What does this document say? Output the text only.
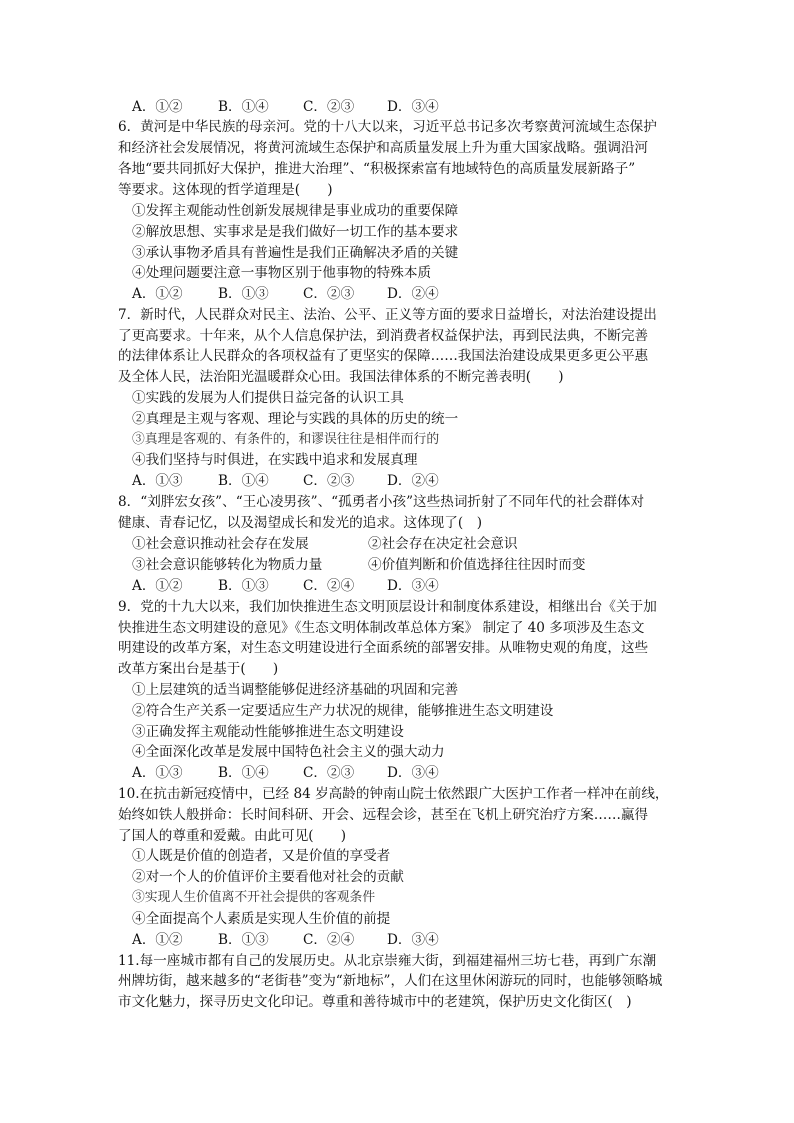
A．①②	B．①④	C．②③ D．③④
6．黄河是中华民族的母亲河。党的十八大以来，习近平总书记多次考察黄河流域生态保护
和经济社会发展情况，将黄河流域生态保护和高质量发展上升为重大国家战略。强调沿河
各地“要共同抓好大保护，推进大治理”、“积极探索富有地域特色的高质量发展新路子”
等要求。这体现的哲学道理是(　　)
①发挥主观能动性创新发展规律是事业成功的重要保障
②解放思想、实事求是是我们做好一切工作的基本要求
③承认事物矛盾具有普遍性是我们正确解决矛盾的关键
④处理问题要注意一事物区别于他事物的特殊本质
A．①②	B．①③	C．②③ D．②④
7．新时代，人民群众对民主、法治、公平、正义等方面的要求日益增长，对法治建设提出
了更高要求。十年来，从个人信息保护法，到消费者权益保护法，再到民法典，不断完善
的法律体系让人民群众的各项权益有了更坚实的保障……我国法治建设成果更多更公平惠
及全体人民，法治阳光温暖群众心田。我国法律体系的不断完善表明(　　)
①实践的发展为人们提供日益完备的认识工具
②真理是主观与客观、理论与实践的具体的历史的统一
③真理是客观的、有条件的，和谬误往往是相伴而行的
④我们坚持与时俱进，在实践中追求和发展真理
A．①③	B．①④	C．②③ D．②④
8．“刘胖宏女孩”、“王心凌男孩”、“孤勇者小孩”这些热词折射了不同年代的社会群体对
健康、青春记忆，以及渴望成长和发光的追求。这体现了(　)
①社会意识推动社会存在发展	②社会存在决定社会意识
③社会意识能够转化为物质力量	④价值判断和价值选择往往因时而变
A．①②	B．①③	C．②④ D．③④
9．党的十九大以来，我们加快推进生态文明顶层设计和制度体系建设，相继出台《关于加
快推进生态文明建设的意见》《生态文明体制改革总体方案》 制定了 40 多项涉及生态文
明建设的改革方案，对生态文明建设进行全面系统的部署安排。从唯物史观的角度，这些
改革方案出台是基于(　　)
①上层建筑的适当调整能够促进经济基础的巩固和完善
②符合生产关系一定要适应生产力状况的规律，能够推进生态文明建设
③正确发挥主观能动性能够推进生态文明建设
④全面深化改革是发展中国特色社会主义的强大动力
A．①③	B．①④	C．②③ D．③④
10.在抗击新冠疫情中，已经 84 岁高龄的钟南山院士依然跟广大医护工作者一样冲在前线，
始终如铁人般拼命：长时间科研、开会、远程会诊，甚至在飞机上研究治疗方案……赢得
了国人的尊重和爱戴。由此可见(　　)
①人既是价值的创造者，又是价值的享受者
②对一个人的价值评价主要看他对社会的贡献
③实现人生价值离不开社会提供的客观条件
④全面提高个人素质是实现人生价值的前提
A．①②	B．①③	C．②④ D．③④
11.每一座城市都有自己的发展历史。从北京崇雍大街，到福建福州三坊七巷，再到广东潮
州牌坊街，越来越多的“老街巷”变为“新地标”，人们在这里休闲游玩的同时，也能够领略城
市文化魅力，探寻历史文化印记。尊重和善待城市中的老建筑，保护历史文化街区(　)
